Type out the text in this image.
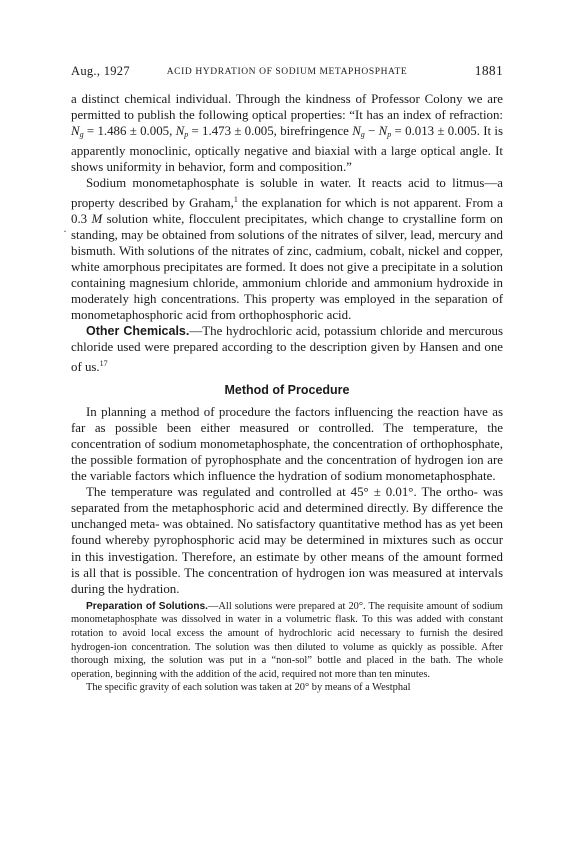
Aug., 1927	ACID HYDRATION OF SODIUM METAPHOSPHATE	1881
·

a distinct chemical individual. Through the kindness of Professor Colony we are permitted to publish the following optical properties: “It has an index of refraction: $N_g = 1.486 \pm 0.005$, $N_p = 1.473 \pm 0.005$, birefringence $N_g - N_p = 0.013 \pm 0.005$. It is apparently monoclinic, optically negative and biaxial with a large optical angle. It shows uniformity in behavior, form and composition.”

Sodium monometaphosphate is soluble in water. It reacts acid to litmus—a property described by Graham,$^1$ the explanation for which is not apparent. From a 0.3 M solution white, flocculent precipitates, which change to crystalline form on standing, may be obtained from solutions of the nitrates of silver, lead, mercury and bismuth. With solutions of the nitrates of zinc, cadmium, cobalt, nickel and copper, white amorphous precipitates are formed. It does not give a precipitate in a solution containing magnesium chloride, ammonium chloride and ammonium hydroxide in moderately high concentrations. This property was employed in the separation of monometaphosphoric acid from orthophosphoric acid.

Other Chemicals.—The hydrochloric acid, potassium chloride and mercurous chloride used were prepared according to the description given by Hansen and one of us.$^{17}$

Method of Procedure

In planning a method of procedure the factors influencing the reaction have as far as possible been either measured or controlled. The temperature, the concentration of sodium monometaphosphate, the concentration of orthophosphate, the possible formation of pyrophosphate and the concentration of hydrogen ion are the variable factors which influence the hydration of sodium monometaphosphate.

The temperature was regulated and controlled at 45° ± 0.01°. The ortho- was separated from the metaphosphoric acid and determined directly. By difference the unchanged meta- was obtained. No satisfactory quantitative method has as yet been found whereby pyrophosphoric acid may be determined in mixtures such as occur in this investigation. Therefore, an estimate by other means of the amount formed is all that is possible. The concentration of hydrogen ion was measured at intervals during the hydration.

Preparation of Solutions.—All solutions were prepared at 20°. The requisite amount of sodium monometaphosphate was dissolved in water in a volumetric flask. To this was added with constant rotation to avoid local excess the amount of hydrochloric acid necessary to furnish the desired hydrogen-ion concentration. The solution was then diluted to volume as quickly as possible. After thorough mixing, the solution was put in a “non-sol” bottle and placed in the bath. The whole operation, beginning with the addition of the acid, required not more than ten minutes.

The specific gravity of each solution was taken at 20° by means of a Westphal
